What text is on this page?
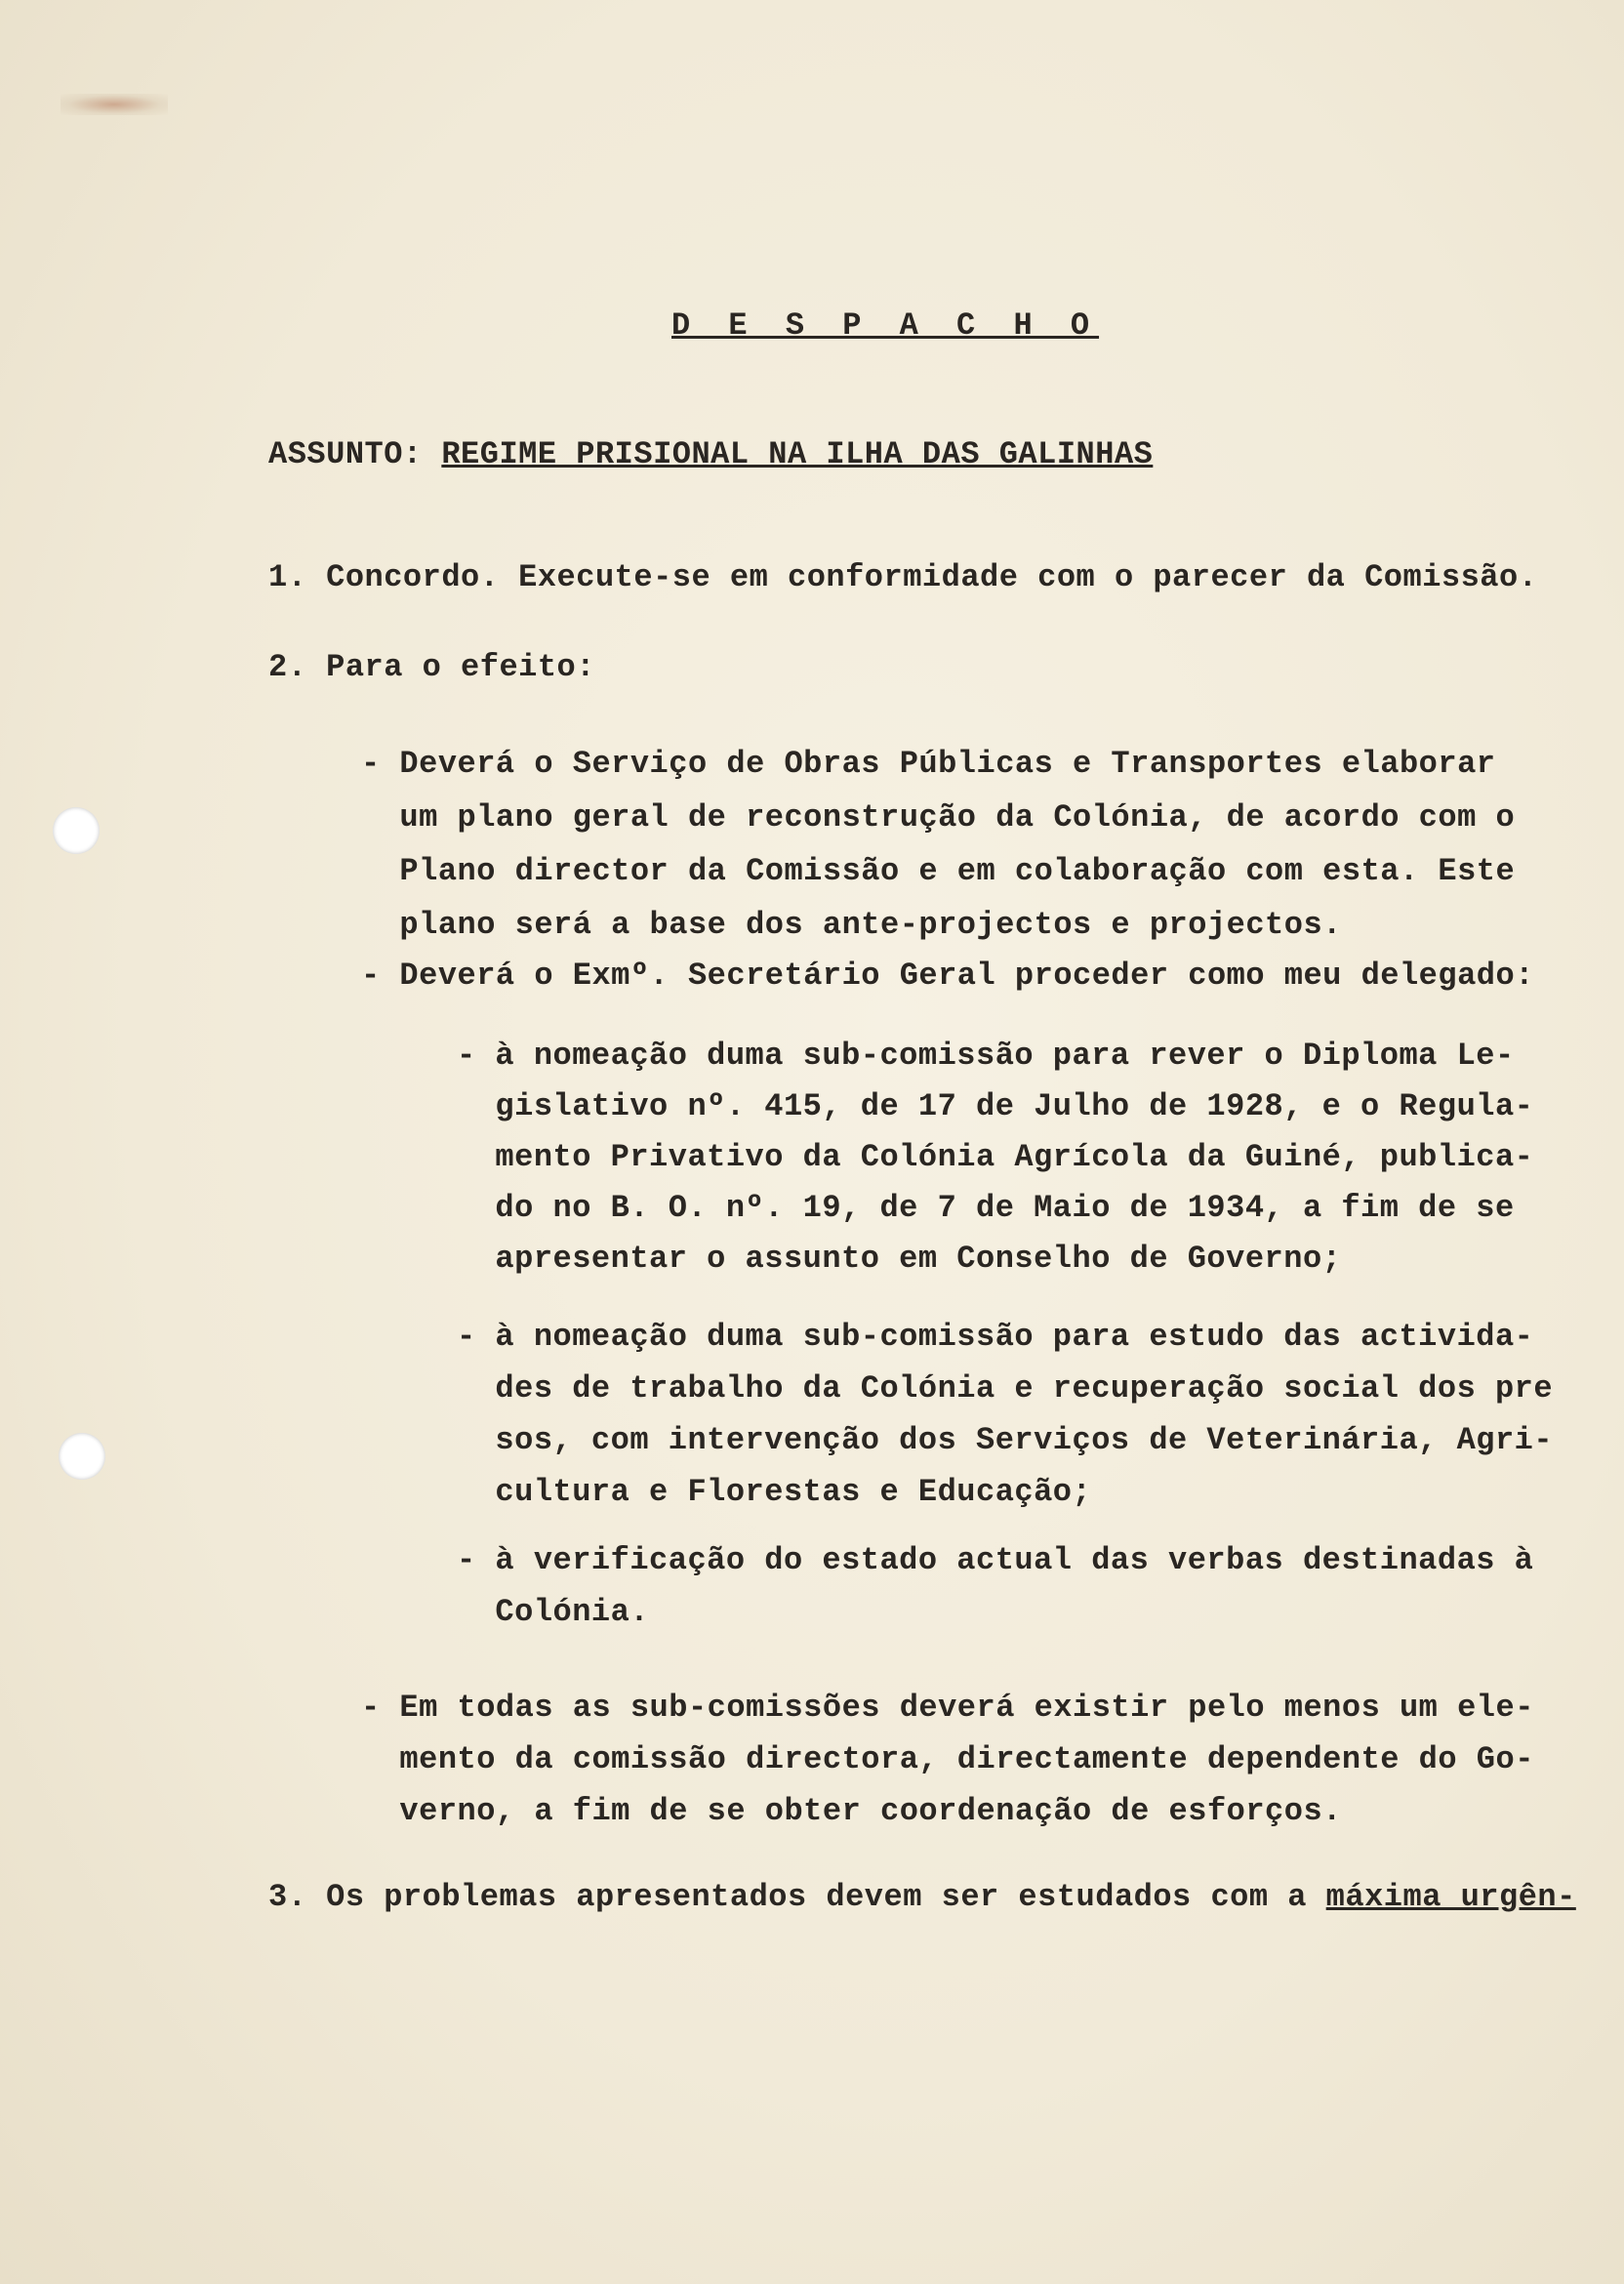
D E S P A C H O
ASSUNTO: REGIME PRISIONAL NA ILHA DAS GALINHAS
1. Concordo. Execute-se em conformidade com o parecer da Comissão.
2. Para o efeito:
- Deverá o Serviço de Obras Públicas e Transportes elaborar
um plano geral de reconstrução da Colónia, de acordo com o
Plano director da Comissão e em colaboração com esta. Este
plano será a base dos ante-projectos e projectos.
- Deverá o Exmº. Secretário Geral proceder como meu delegado:
- à nomeação duma sub-comissão para rever o Diploma Le-
gislativo nº. 415, de 17 de Julho de 1928, e o Regula-
mento Privativo da Colónia Agrícola da Guiné, publica-
do no B. O. nº. 19, de 7 de Maio de 1934, a fim de se
apresentar o assunto em Conselho de Governo;
- à nomeação duma sub-comissão para estudo das activida-
des de trabalho da Colónia e recuperação social dos pre
sos, com intervenção dos Serviços de Veterinária, Agri-
cultura e Florestas e Educação;
- à verificação do estado actual das verbas destinadas à
Colónia.
- Em todas as sub-comissões deverá existir pelo menos um ele-
mento da comissão directora, directamente dependente do Go-
verno, a fim de se obter coordenação de esforços.
3. Os problemas apresentados devem ser estudados com a máxima urgên-
